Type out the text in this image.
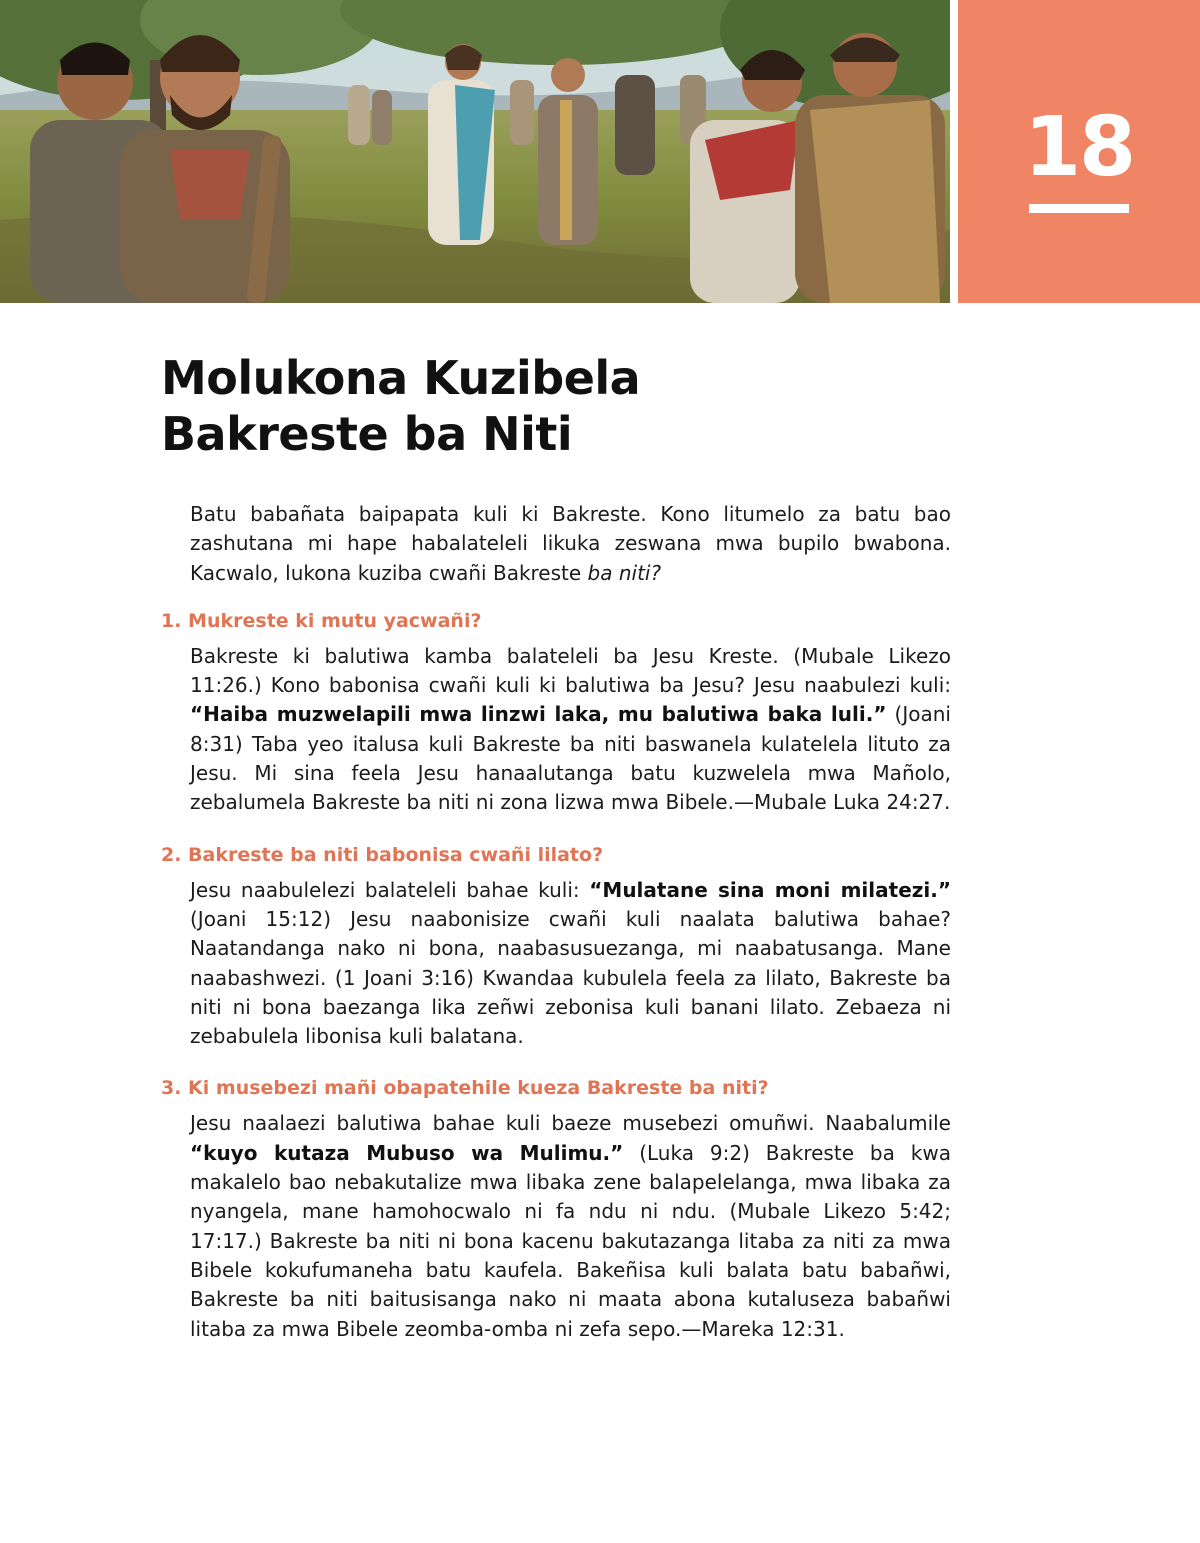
18
Molukona Kuzibela
Bakreste ba Niti

Batu babañata baipapata kuli ki Bakreste. Kono litumelo za batu bao zashutana mi hape habalateleli likuka zeswana mwa bupilo bwabona. Kacwalo, lukona kuziba cwañi Bakreste ba niti?

1. Mukreste ki mutu yacwañi?

Bakreste ki balutiwa kamba balateleli ba Jesu Kreste. (Mubale Likezo 11:26.) Kono babonisa cwañi kuli ki balutiwa ba Jesu? Jesu naabulezi kuli: “Haiba muzwelapili mwa linzwi laka, mu balutiwa baka luli.” (Joani 8:31) Taba yeo italusa kuli Bakreste ba niti baswanela kulatelela lituto za Jesu. Mi sina feela Jesu hanaalutanga batu kuzwelela mwa Mañolo, zebalumela Bakreste ba niti ni zona lizwa mwa Bibele.—Mubale Luka 24:27.

2. Bakreste ba niti babonisa cwañi lilato?

Jesu naabulelezi balateleli bahae kuli: “Mulatane sina moni milatezi.” (Joani 15:12) Jesu naabonisize cwañi kuli naalata balutiwa bahae? Naatandanga nako ni bona, naabasusuezanga, mi naabatusanga. Mane naabashwezi. (1 Joani 3:16) Kwandaa kubulela feela za lilato, Bakreste ba niti ni bona baezanga lika zeñwi zebonisa kuli banani lilato. Zebaeza ni zebabulela libonisa kuli balatana.

3. Ki musebezi mañi obapatehile kueza Bakreste ba niti?

Jesu naalaezi balutiwa bahae kuli baeze musebezi omuñwi. Naabalumile “kuyo kutaza Mubuso wa Mulimu.” (Luka 9:2) Bakreste ba kwa makalelo bao nebakutalize mwa libaka zene balapelelanga, mwa libaka za nyangela, mane hamohocwalo ni fa ndu ni ndu. (Mubale Likezo 5:42; 17:17.) Bakreste ba niti ni bona kacenu bakutazanga litaba za niti za mwa Bibele kokufumaneha batu kaufela. Bakeñisa kuli balata batu babañwi, Bakreste ba niti baitusisanga nako ni maata abona kutaluseza babañwi litaba za mwa Bibele zeomba-omba ni zefa sepo.—Mareka 12:31.
